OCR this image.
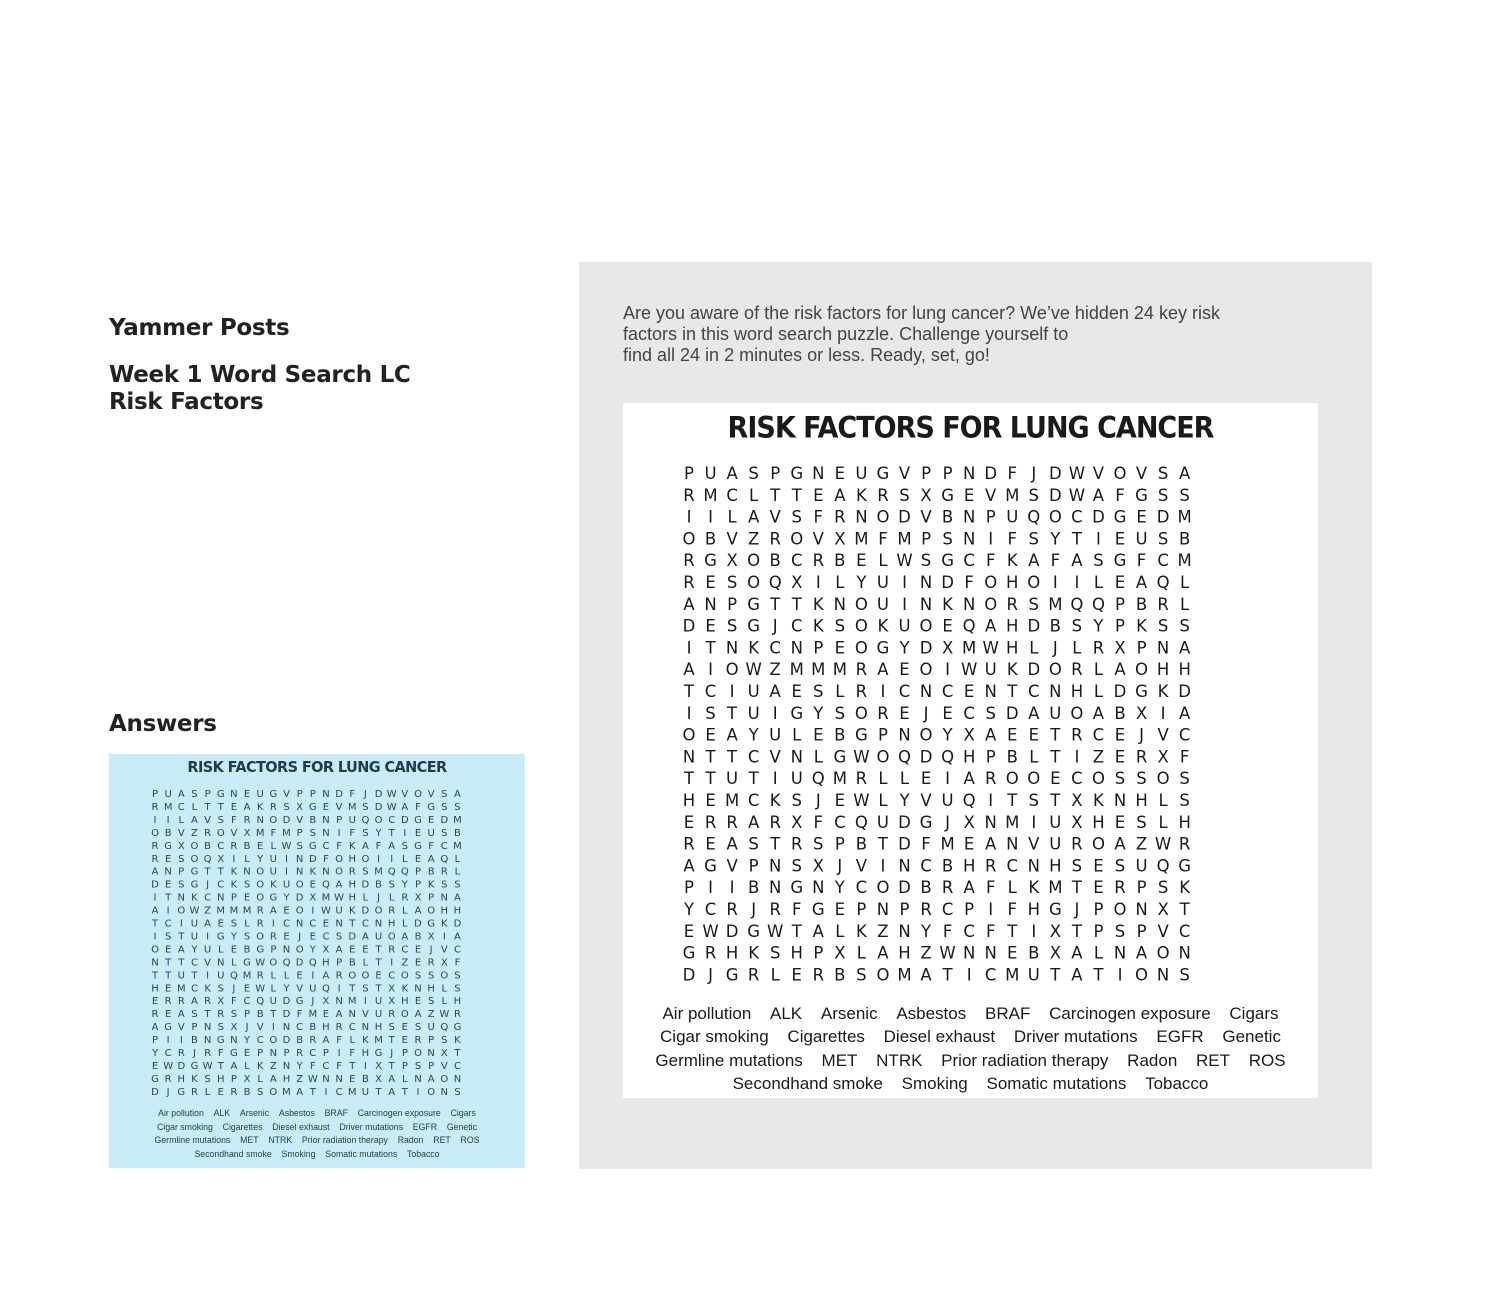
Yammer Posts
Week 1 Word Search LC
Risk Factors
Answers
RISK FACTORS FOR LUNG CANCER
P U A S P G N E U G V P P N D F J D W V O V S A
R M C L T T E A K R S X G E V M S D W A F G S S
I I L A V S F R N O D V B N P U Q O C D G E D M
O B V Z R O V X M F M P S N I F S Y T I E U S B
R G X O B C R B E L W S G C F K A F A S G F C M
R E S O Q X I L Y U I N D F O H O I I L E A Q L
A N P G T T K N O U I N K N O R S M Q Q P B R L
D E S G J C K S O K U O E Q A H D B S Y P K S S
I T N K C N P E O G Y D X M W H L J L R X P N A
A I O W Z M M M R A E O I W U K D O R L A O H H
T C I U A E S L R I C N C E N T C N H L D G K D
I S T U I G Y S O R E J E C S D A U O A B X I A
O E A Y U L E B G P N O Y X A E E T R C E J V C
N T T C V N L G W O Q D Q H P B L T I Z E R X F
T T U T I U Q M R L L E I A R O O E C O S S O S
H E M C K S J E W L Y V U Q I T S T X K N H L S
E R R A R X F C Q U D G J X N M I U X H E S L H
R E A S T R S P B T D F M E A N V U R O A Z W R
A G V P N S X J V I N C B H R C N H S E S U Q G
P I I B N G N Y C O D B R A F L K M T E R P S K
Y C R J R F G E P N P R C P I F H G J P O N X T
E W D G W T A L K Z N Y F C F T I X T P S P V C
G R H K S H P X L A H Z W N N E B X A L N A O N
D J G R L E R B S O M A T I C M U T A T I O N S
Air pollution ALK Arsenic Asbestos BRAF Carcinogen exposure Cigars Cigar smoking Cigarettes Diesel exhaust Driver mutations EGFR Genetic Germline mutations MET NTRK Prior radiation therapy Radon RET ROS Secondhand smoke Smoking Somatic mutations Tobacco

Are you aware of the risk factors for lung cancer? We’ve hidden 24 key risk
factors in this word search puzzle. Challenge yourself to
find all 24 in 2 minutes or less. Ready, set, go!

RISK FACTORS FOR LUNG CANCER
P U A S P G N E U G V P P N D F J D W V O V S A
R M C L T T E A K R S X G E V M S D W A F G S S
I I L A V S F R N O D V B N P U Q O C D G E D M
O B V Z R O V X M F M P S N I F S Y T I E U S B
R G X O B C R B E L W S G C F K A F A S G F C M
R E S O Q X I L Y U I N D F O H O I I L E A Q L
A N P G T T K N O U I N K N O R S M Q Q P B R L
D E S G J C K S O K U O E Q A H D B S Y P K S S
I T N K C N P E O G Y D X M W H L J L R X P N A
A I O W Z M M M R A E O I W U K D O R L A O H H
T C I U A E S L R I C N C E N T C N H L D G K D
I S T U I G Y S O R E J E C S D A U O A B X I A
O E A Y U L E B G P N O Y X A E E T R C E J V C
N T T C V N L G W O Q D Q H P B L T I Z E R X F
T T U T I U Q M R L L E I A R O O E C O S S O S
H E M C K S J E W L Y V U Q I T S T X K N H L S
E R R A R X F C Q U D G J X N M I U X H E S L H
R E A S T R S P B T D F M E A N V U R O A Z W R
A G V P N S X J V I N C B H R C N H S E S U Q G
P I I B N G N Y C O D B R A F L K M T E R P S K
Y C R J R F G E P N P R C P I F H G J P O N X T
E W D G W T A L K Z N Y F C F T I X T P S P V C
G R H K S H P X L A H Z W N N E B X A L N A O N
D J G R L E R B S O M A T I C M U T A T I O N S
Air pollution ALK Arsenic Asbestos BRAF Carcinogen exposure Cigars Cigar smoking Cigarettes Diesel exhaust Driver mutations EGFR Genetic Germline mutations MET NTRK Prior radiation therapy Radon RET ROS Secondhand smoke Smoking Somatic mutations Tobacco
